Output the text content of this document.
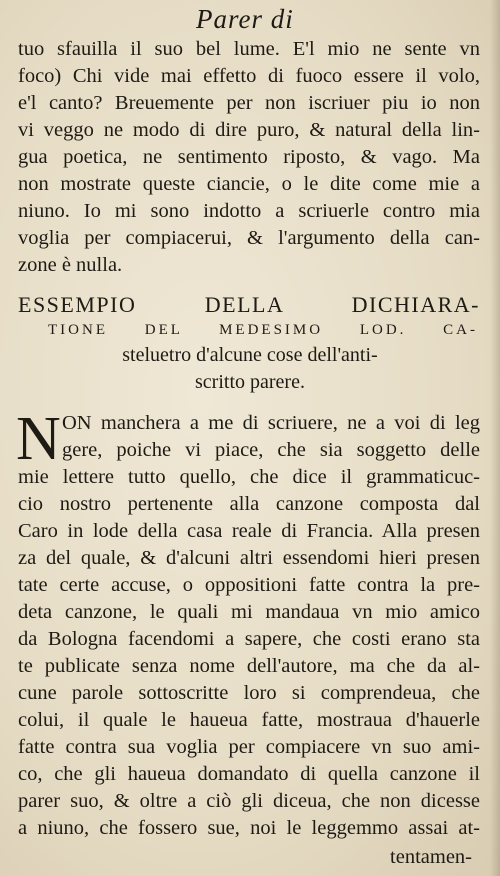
Parer di
tuo sfauilla il suo bel lume. E'l mio ne sente vn
foco) Chi vide mai effetto di fuoco essere il volo,
e'l canto? Breuemente per non iscriuer piu io non
vi veggo ne modo di dire puro, & natural della lin-
gua poetica, ne sentimento riposto, & vago. Ma
non mostrate queste ciancie, o le dite come mie a
niuno. Io mi sono indotto a scriuerle contro mia
voglia per compiacerui, & l'argumento della can-
zone è nulla.
ESSEMPIO DELLA DICHIARA-
TIONE DEL MEDESIMO LOD. CA-
steluetro d'alcune cose dell'anti-
scritto parere.
N ON manchera a me di scriuere, ne a voi di leg
gere, poiche vi piace, che sia soggetto delle
mie lettere tutto quello, che dice il grammaticuc-
cio nostro pertenente alla canzone composta dal
Caro in lode della casa reale di Francia. Alla presen
za del quale, & d'alcuni altri essendomi hieri presen
tate certe accuse, o oppositioni fatte contra la pre-
deta canzone, le quali mi mandaua vn mio amico
da Bologna facendomi a sapere, che costi erano sta
te publicate senza nome dell'autore, ma che da al-
cune parole sottoscritte loro si comprendeua, che
colui, il quale le haueua fatte, mostraua d'hauerle
fatte contra sua voglia per compiacere vn suo ami-
co, che gli haueua domandato di quella canzone il
parer suo, & oltre a ciò gli diceua, che non dicesse
a niuno, che fossero sue, noi le leggemmo assai at-
tentamen-
